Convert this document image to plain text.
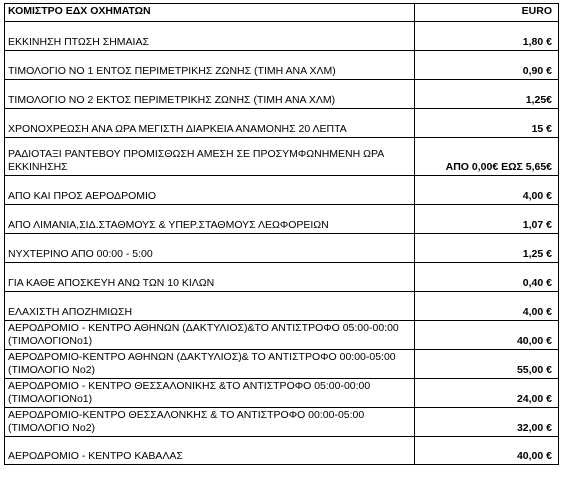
ΚΟΜΙΣΤΡΟ ΕΔΧ ΟΧΗΜΑΤΩΝ	EURO
ΕΚΚΙΝΗΣΗ ΠΤΩΣΗ ΣΗΜΑΙΑΣ	1,80 €
ΤΙΜΟΛΟΓΙΟ ΝΟ 1 ΕΝΤΟΣ ΠΕΡΙΜΕΤΡΙΚΗΣ ΖΩΝΗΣ (ΤΙΜΗ ΑΝΑ ΧΛΜ)	0,90 €
ΤΙΜΟΛΟΓΙΟ ΝΟ 2 ΕΚΤΟΣ ΠΕΡΙΜΕΤΡΙΚΗΣ ΖΩΝΗΣ (ΤΙΜΗ ΑΝΑ ΧΛΜ)	1,25€
ΧΡΟΝΟΧΡΕΩΣΗ ΑΝΑ ΩΡΑ ΜΕΓΙΣΤΗ ΔΙΑΡΚΕΙΑ ΑΝΑΜΟΝΗΣ 20 ΛΕΠΤΑ	15 €
ΡΑΔΙΟΤΑΞΙ ΡΑΝΤΕΒΟΥ ΠΡΟΜΙΣΘΩΣΗ ΑΜΕΣΗ ΣΕ ΠΡΟΣΥΜΦΩΝΗΜΕΝΗ ΩΡΑ ΕΚΚΙΝΗΣΗΣ	ΑΠΟ 0,00€ ΕΩΣ 5,65€
ΑΠΟ ΚΑΙ ΠΡΟΣ ΑΕΡΟΔΡΟΜΙΟ	4,00 €
ΑΠΟ ΛΙΜΑΝΙΑ,ΣΙΔ.ΣΤΑΘΜΟΥΣ & ΥΠΕΡ.ΣΤΑΘΜΟΥΣ ΛΕΩΦΟΡΕΙΩΝ	1,07 €
ΝΥΧΤΕΡΙΝΟ ΑΠΟ 00:00 - 5:00	1,25 €
ΓΙΑ ΚΑΘΕ ΑΠΟΣΚΕΥΗ ΑΝΩ ΤΩΝ 10 ΚΙΛΩΝ	0,40 €
ΕΛΑΧΙΣΤΗ ΑΠΟΖΗΜΙΩΣΗ	4,00 €
ΑΕΡΟΔΡΟΜΙΟ - ΚΕΝΤΡΟ ΑΘΗΝΩΝ (ΔΑΚΤΥΛΙΟΣ)&ΤΟ ΑΝΤΙΣΤΡΟΦΟ 05:00-00:00 (ΤΙΜΟΛΟΓΙΟΝο1)	40,00 €
ΑΕΡΟΔΡΟΜΙΟ-ΚΕΝΤΡΟ ΑΘΗΝΩΝ (ΔΑΚΤΥΛΙΟΣ)& ΤΟ ΑΝΤΙΣΤΡΟΦΟ 00:00-05:00 (ΤΙΜΟΛΟΓΙΟ Νο2)	55,00 €
ΑΕΡΟΔΡΟΜΙΟ - ΚΕΝΤΡΟ ΘΕΣΣΑΛΟΝΙΚΗΣ &ΤΟ ΑΝΤΙΣΤΡΟΦΟ 05:00-00:00 (ΤΙΜΟΛΟΓΙΟΝο1)	24,00 €
ΑΕΡΟΔΡΟΜΙΟ-ΚΕΝΤΡΟ ΘΕΣΣΑΛΟΝΚΗΣ & ΤΟ ΑΝΤΙΣΤΡΟΦΟ 00:00-05:00 (ΤΙΜΟΛΟΓΙΟ Νο2)	32,00 €
ΑΕΡΟΔΡΟΜΙΟ - ΚΕΝΤΡΟ ΚΑΒΑΛΑΣ	40,00 €
